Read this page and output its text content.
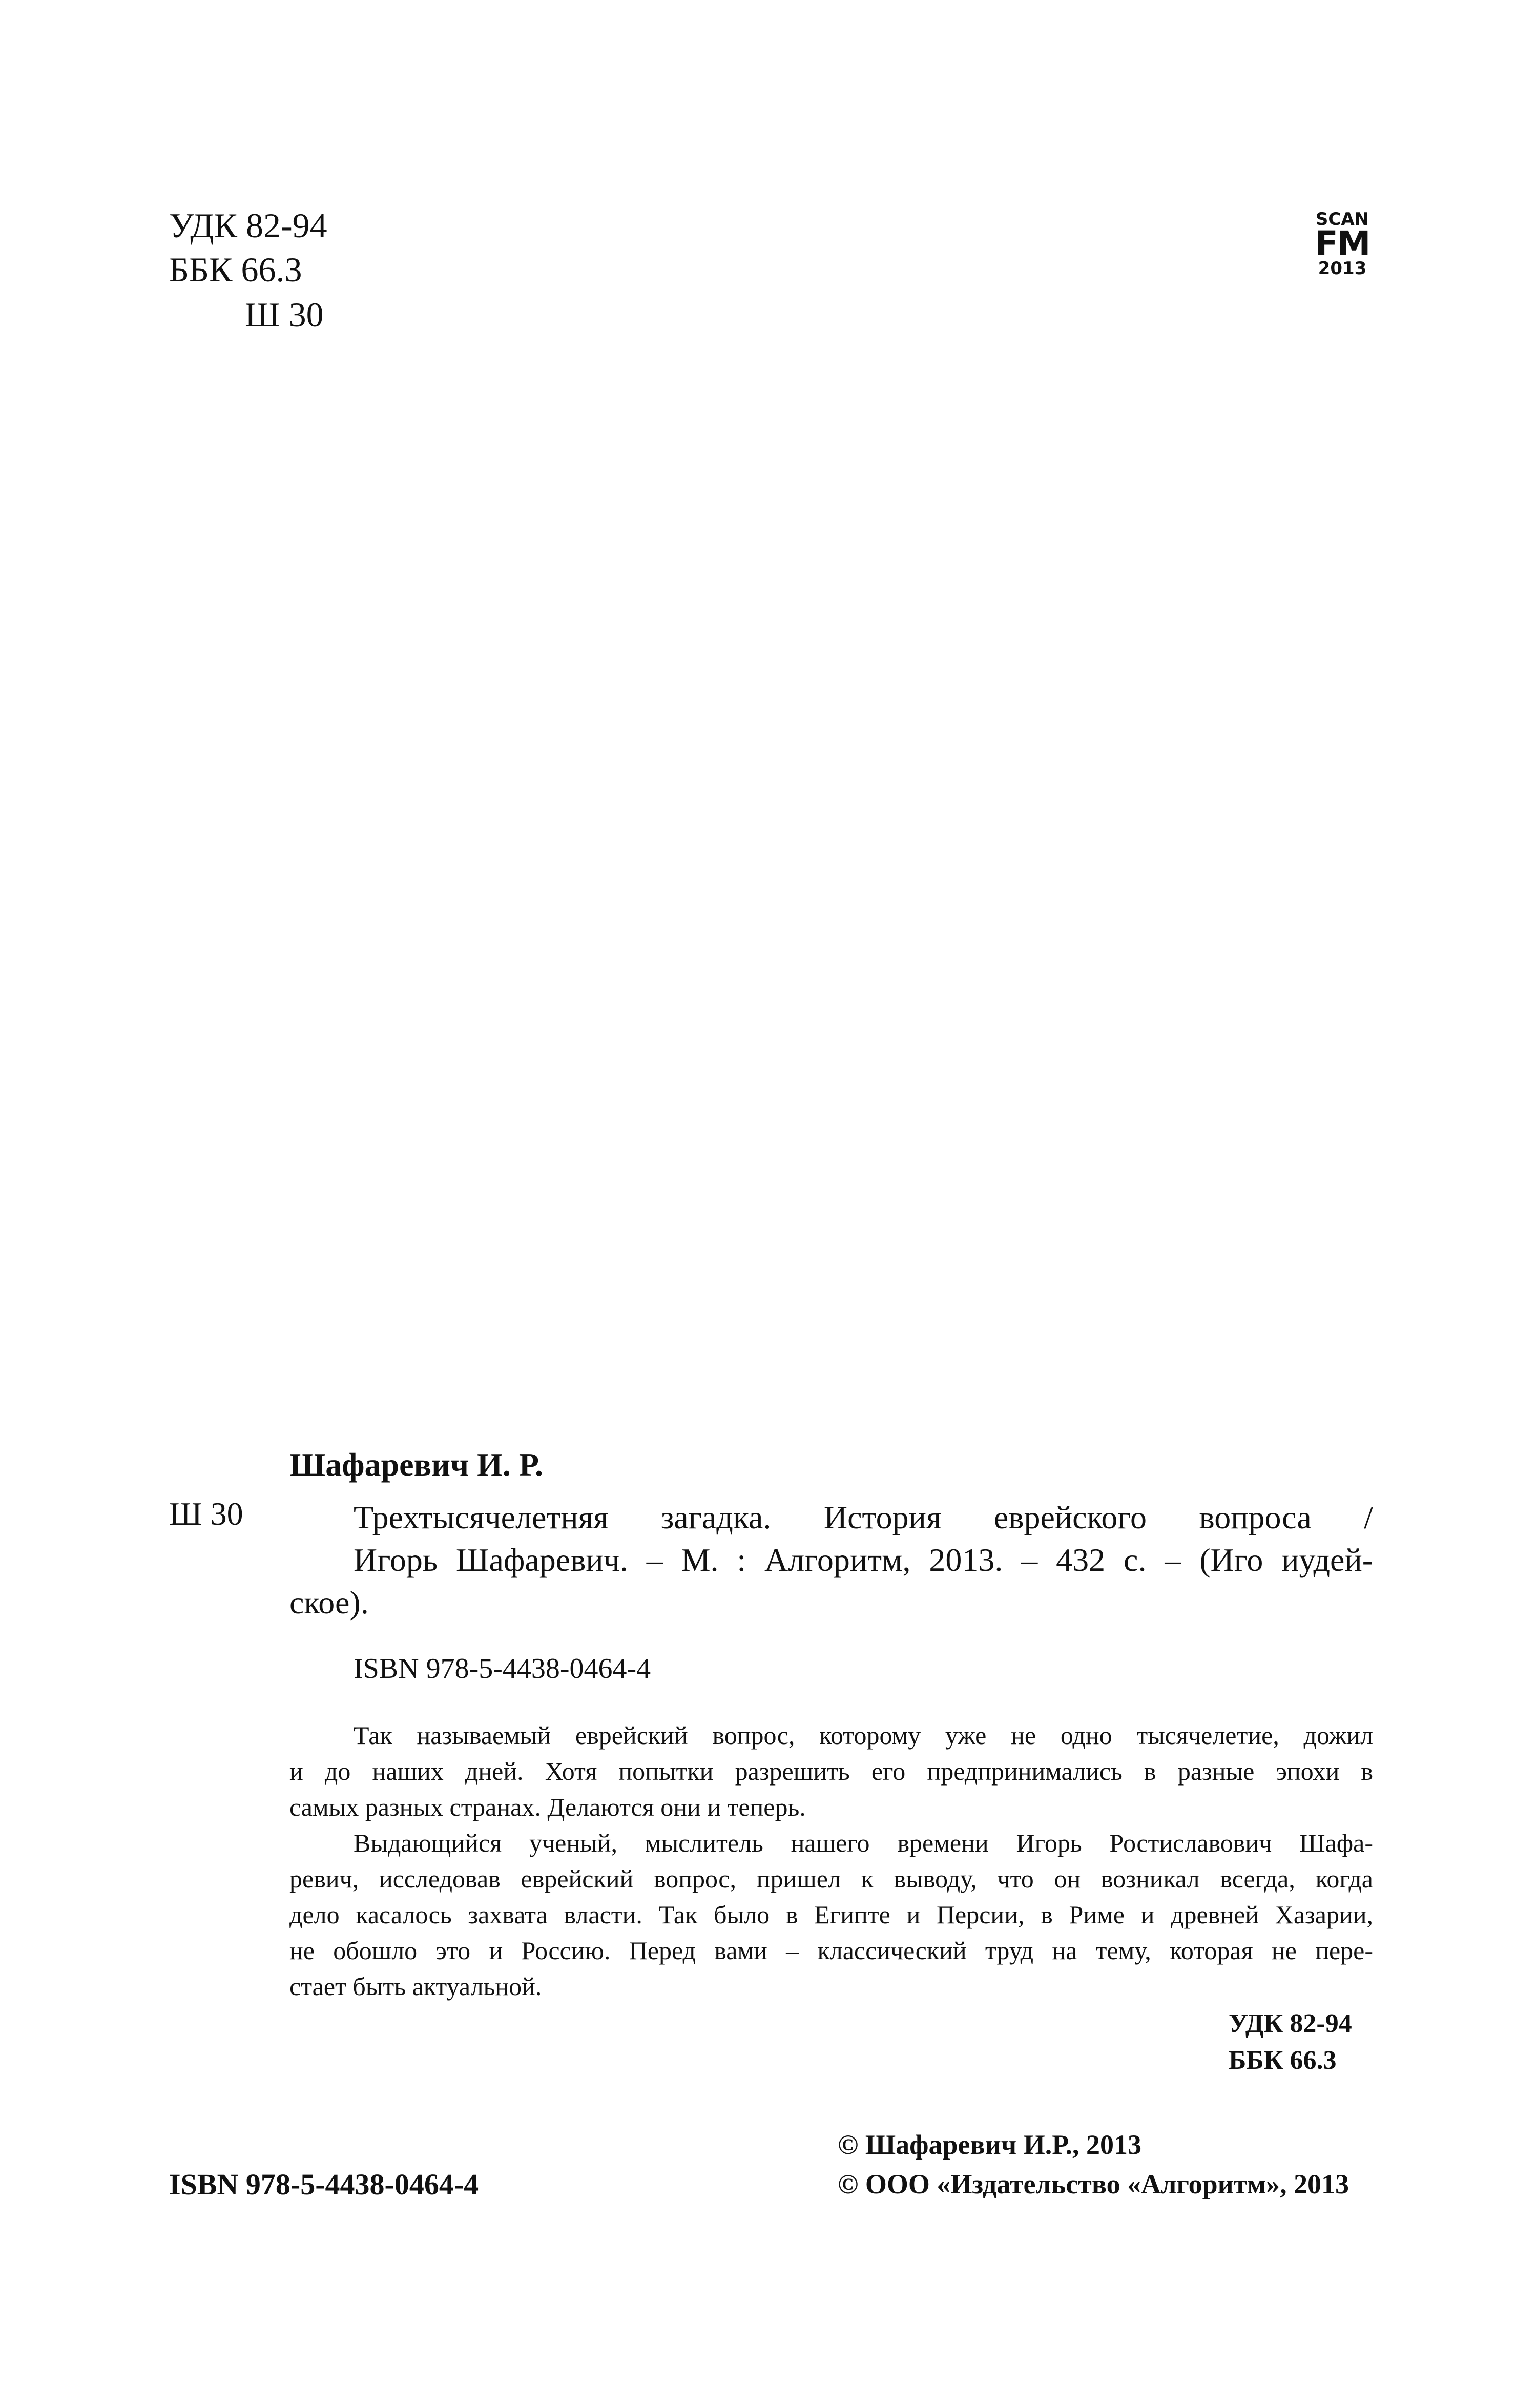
УДК 82-94
ББК 66.3
Ш 30
SCAN
FM
2013
Шафаревич И. Р.
Ш 30	Трехтысячелетняя загадка. История еврейского вопроса /
Игорь Шафаревич. – М. : Алгоритм, 2013. – 432 с. – (Иго иудей-
ское).
ISBN 978-5-4438-0464-4
Так называемый еврейский вопрос, которому уже не одно тысячелетие, дожил
и до наших дней. Хотя попытки разрешить его предпринимались в разные эпохи в
самых разных странах. Делаются они и теперь.
Выдающийся ученый, мыслитель нашего времени Игорь Ростиславович Шафа-
ревич, исследовав еврейский вопрос, пришел к выводу, что он возникал всегда, когда
дело касалось захвата власти. Так было в Египте и Персии, в Риме и древней Хазарии,
не обошло это и Россию. Перед вами – классический труд на тему, которая не пере-
стает быть актуальной.
УДК 82-94
ББК 66.3
© Шафаревич И.Р., 2013
ISBN 978-5-4438-0464-4	© ООО «Издательство «Алгоритм», 2013
